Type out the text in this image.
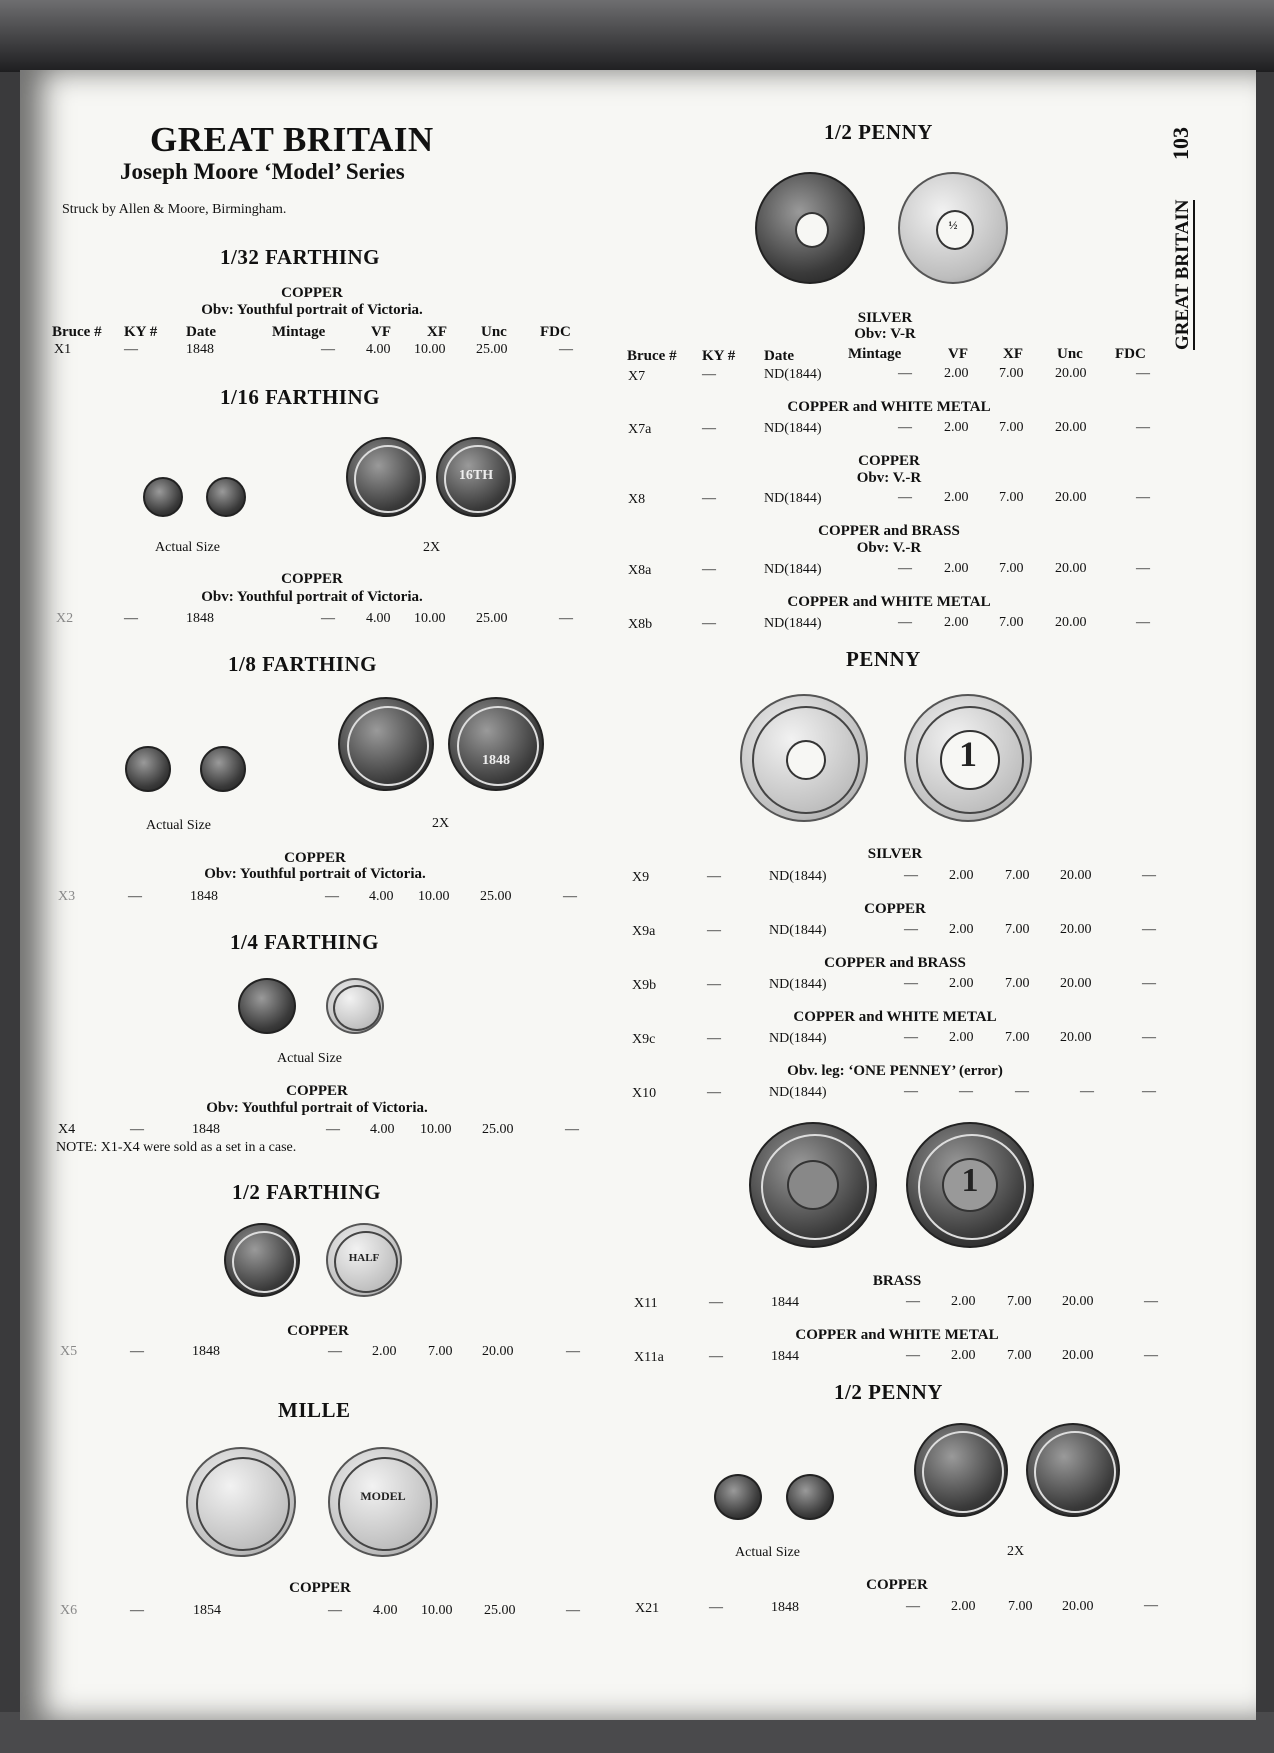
GREAT BRITAIN
Joseph Moore ‘Model’ Series
Struck by Allen & Moore, Birmingham.	GREAT BRITAIN  103
1/32 FARTHING
COPPER
Obv: Youthful portrait of Victoria.
Bruce # KY # Date	Mintage	VF XF Unc FDC
X1	—	1848	— 4.00 10.00 25.00	—
1/16 FARTHING
16TH
Actual Size	2X
COPPER
Obv: Youthful portrait of Victoria.
X2	—	1848	— 4.00 10.00 25.00	—
1/8 FARTHING
1848
Actual Size	2X
COPPER
Obv: Youthful portrait of Victoria.
X3	—	1848	— 4.00 10.00 25.00	—
1/4 FARTHING
Actual Size
COPPER
Obv: Youthful portrait of Victoria.
X4	—	1848	— 4.00 10.00 25.00	—
NOTE: X1-X4 were sold as a set in a case.
1/2 FARTHING
HALF
COPPER
X5	—	1848	— 2.00 7.00 20.00	—
MILLE
MODEL
COPPER
X6	—	1854	— 4.00 10.00 25.00	—
1/2 PENNY
½
SILVER
Obv: V-R
Bruce # KY # Date	Mintage	VF XF Unc FDC
X7	—	ND(1844)	— 2.00 7.00 20.00	—
COPPER and WHITE METAL
X7a	—	ND(1844)	— 2.00 7.00 20.00	—
COPPER
Obv: V.-R
X8	—	ND(1844)	— 2.00 7.00 20.00	—
COPPER and BRASS
Obv: V.-R
X8a	—	ND(1844)	— 2.00 7.00 20.00	—
COPPER and WHITE METAL
X8b	—	ND(1844)	— 2.00 7.00 20.00	—
PENNY
1
SILVER
X9	—	ND(1844)	— 2.00 7.00 20.00	—
COPPER
X9a	—	ND(1844)	— 2.00 7.00 20.00	—
COPPER and BRASS
X9b	—	ND(1844)	— 2.00 7.00 20.00	—
COPPER and WHITE METAL
X9c	—	ND(1844)	— 2.00 7.00 20.00	—
Obv. leg: ‘ONE PENNEY’ (error)
X10	—	ND(1844)	—	—	—	—	—
1
BRASS
X11	—	1844	— 2.00 7.00 20.00	—
COPPER and WHITE METAL
X11a	—	1844	— 2.00 7.00 20.00	—
1/2 PENNY
Actual Size	2X
COPPER
X21	—	1848	— 2.00 7.00 20.00	—
